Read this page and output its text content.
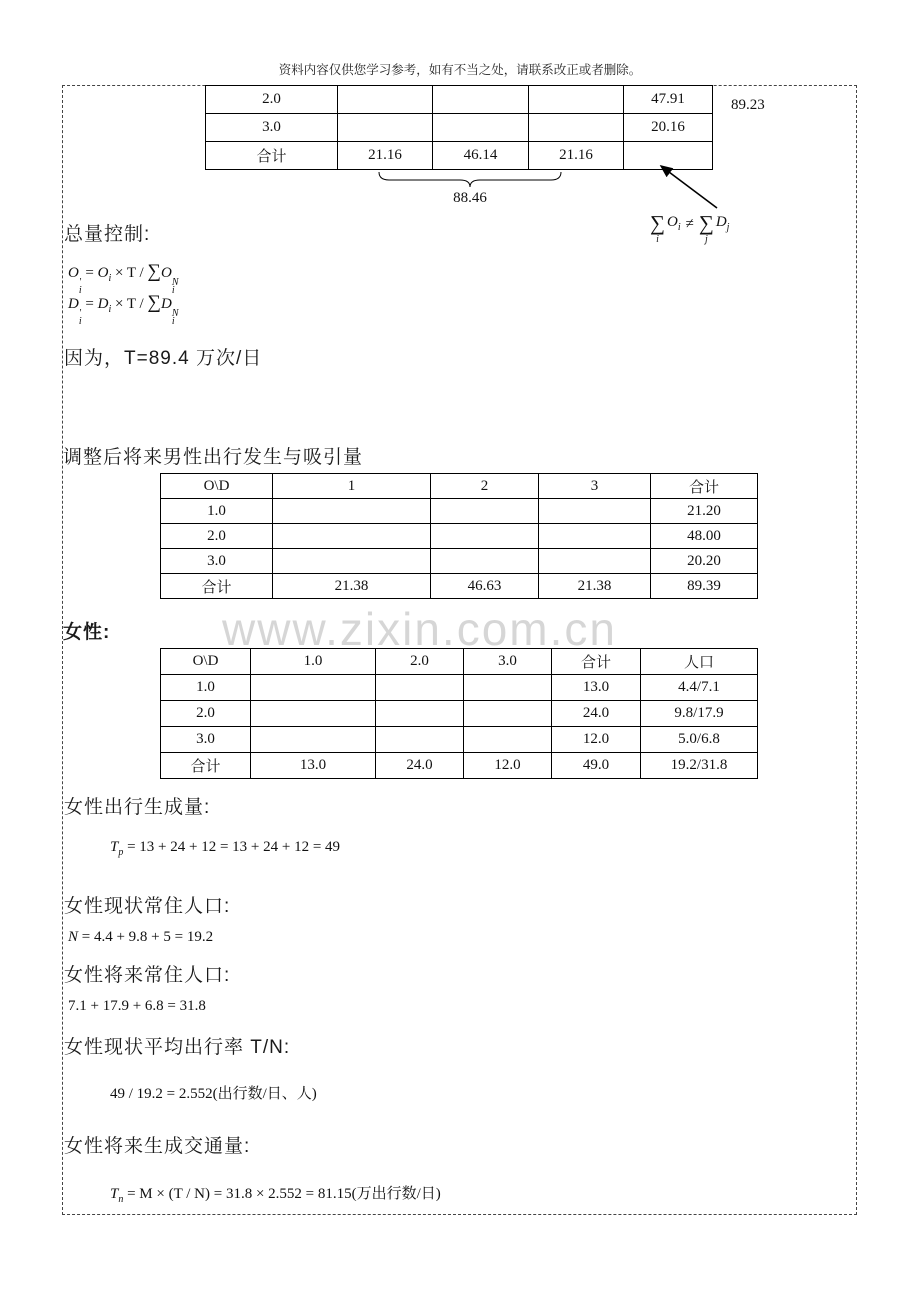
资料内容仅供您学习参考，如有不当之处，请联系改正或者删除。
www.zixin.com.cn
2.0				47.91
3.0				20.16
合计	21.16	46.14	21.16	
89.23
88.46
∑
i
$O_i$ ≠ ∑
j
$D_j$
总量控制:
O
'
i
= $O_i \times T / \sum O$
N
i
D
'
i
= $D_i \times T / \sum D$
N
i
因为，T=89.4 万次/日
调整后将来男性出行发生与吸引量
O\D	1	2	3	合计
1.0				21.20
2.0				48.00
3.0				20.20
合计	21.38	46.63	21.38	89.39
女性:
O\D	1.0	2.0	3.0	合计	人口
1.0				13.0	4.4/7.1
2.0				24.0	9.8/17.9
3.0				12.0	5.0/6.8
合计	13.0	24.0	12.0	49.0	19.2/31.8
女性出行生成量:
$T_p = 13 + 24 + 12 = 13 + 24 + 12 = 49$
女性现状常住人口:
N = 4.4 + 9.8 + 5 = 19.2
女性将来常住人口:
7.1 + 17.9 + 6.8 = 31.8
女性现状平均出行率 T/N:
49 / 19.2 = 2.552(出行数/日、人)
女性将来生成交通量:
$T_n = M \times (T / N) = 31.8 \times 2.552 = 81.15$(万出行数/日)
